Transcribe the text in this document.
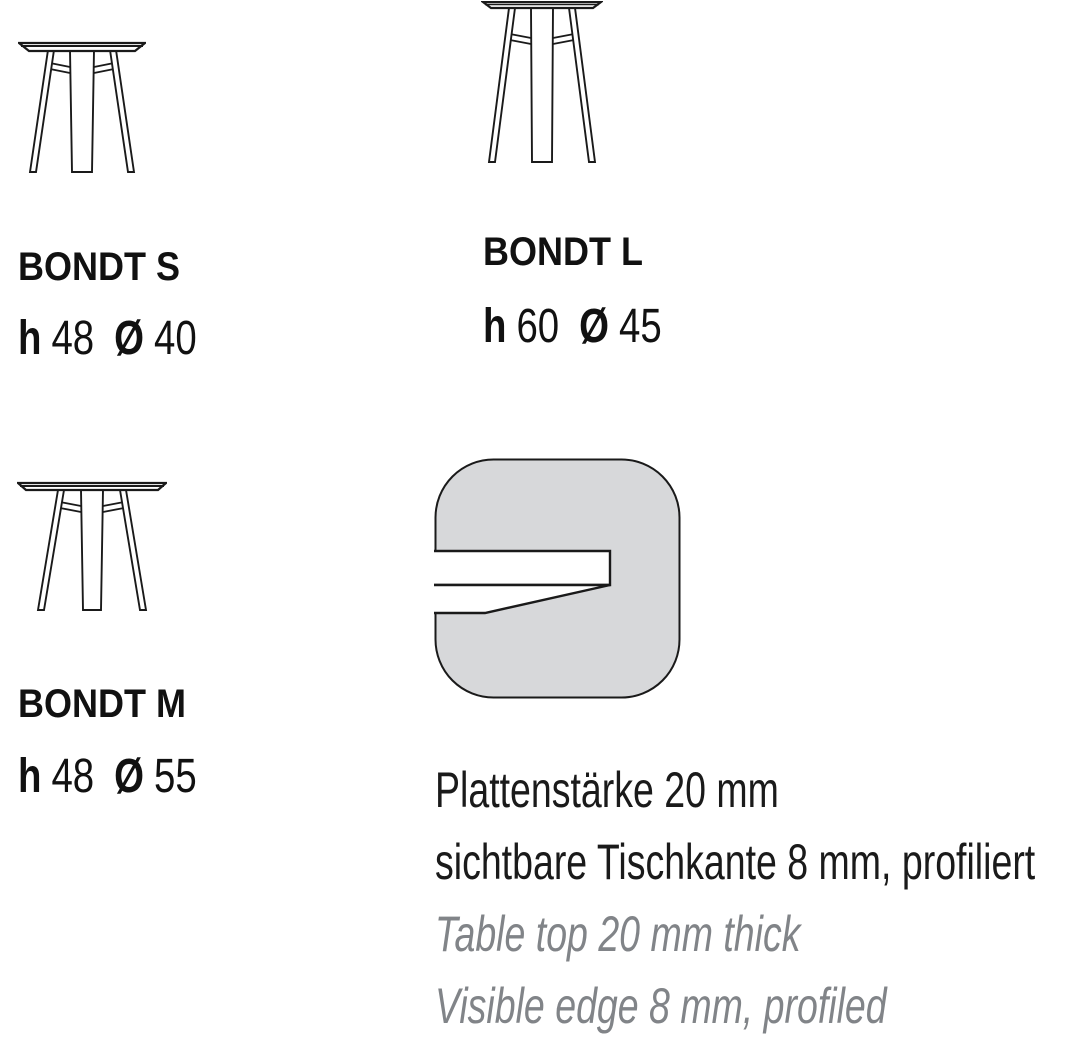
BONDT S
h 48 Ø 40
BONDT L
h 60 Ø 45
BONDT M
h 48 Ø 55	Plattenstärke 20 mm
sichtbare Tischkante 8 mm, profiliert
Table top 20 mm thick
Visible edge 8 mm, profiled
